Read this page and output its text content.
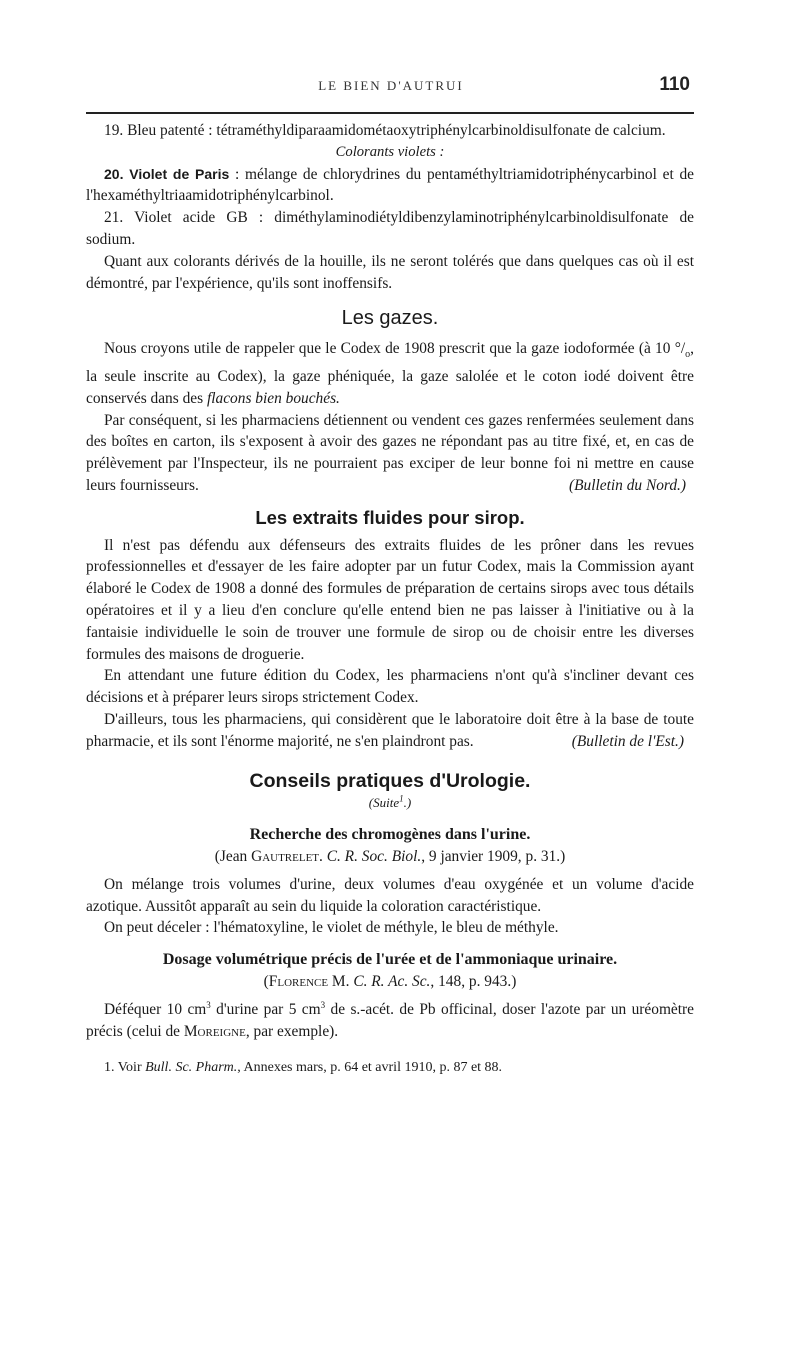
LE BIEN D'AUTRUI	110

19. Bleu patenté : tétraméthyldiparaamidométaoxytriphénylcarbinoldisulfonate de calcium.

Colorants violets :

20. Violet de Paris : mélange de chlorydrines du pentaméthyltriamidotriphénycarbinol et de l'hexaméthyltriaamidotriphénylcarbinol.

21. Violet acide GB : diméthylaminodiétyldibenzylaminotriphénylcarbinoldisulfonate de sodium.

Quant aux colorants dérivés de la houille, ils ne seront tolérés que dans quelques cas où il est démontré, par l'expérience, qu'ils sont inoffensifs.

Les gazes.

Nous croyons utile de rappeler que le Codex de 1908 prescrit que la gaze iodoformée (à 10 $^\circ/_o$, la seule inscrite au Codex), la gaze phéniquée, la gaze salolée et le coton iodé doivent être conservés dans des flacons bien bouchés.

Par conséquent, si les pharmaciens détiennent ou vendent ces gazes renfermées seulement dans des boîtes en carton, ils s'exposent à avoir des gazes ne répondant pas au titre fixé, et, en cas de prélèvement par l'Inspecteur, ils ne pourraient pas exciper de leur bonne foi ni mettre en cause leurs fournisseurs.	(Bulletin du Nord.)

Les extraits fluides pour sirop.

Il n'est pas défendu aux défenseurs des extraits fluides de les prôner dans les revues professionnelles et d'essayer de les faire adopter par un futur Codex, mais la Commission ayant élaboré le Codex de 1908 a donné des formules de préparation de certains sirops avec tous détails opératoires et il y a lieu d'en conclure qu'elle entend bien ne pas laisser à l'initiative ou à la fantaisie individuelle le soin de trouver une formule de sirop ou de choisir entre les diverses formules des maisons de droguerie.

En attendant une future édition du Codex, les pharmaciens n'ont qu'à s'incliner devant ces décisions et à préparer leurs sirops strictement Codex.

D'ailleurs, tous les pharmaciens, qui considèrent que le laboratoire doit être à la base de toute pharmacie, et ils sont l'énorme majorité, ne s'en plaindront pas.	(Bulletin de l'Est.)

Conseils pratiques d'Urologie.

(Suite$^1$.)

Recherche des chromogènes dans l'urine.

(Jean Gautrelet. C. R. Soc. Biol., 9 janvier 1909, p. 31.)

On mélange trois volumes d'urine, deux volumes d'eau oxygénée et un volume d'acide azotique. Aussitôt apparaît au sein du liquide la coloration caractéristique.

On peut déceler : l'hématoxyline, le violet de méthyle, le bleu de méthyle.

Dosage volumétrique précis de l'urée et de l'ammoniaque urinaire.

(Florence M. C. R. Ac. Sc., 148, p. 943.)

Déféquer 10 $cm^3$ d'urine par 5 $cm^3$ de s.-acét. de Pb officinal, doser l'azote par un uréomètre précis (celui de Moreigne, par exemple).

1. Voir Bull. Sc. Pharm., Annexes mars, p. 64 et avril 1910, p. 87 et 88.
